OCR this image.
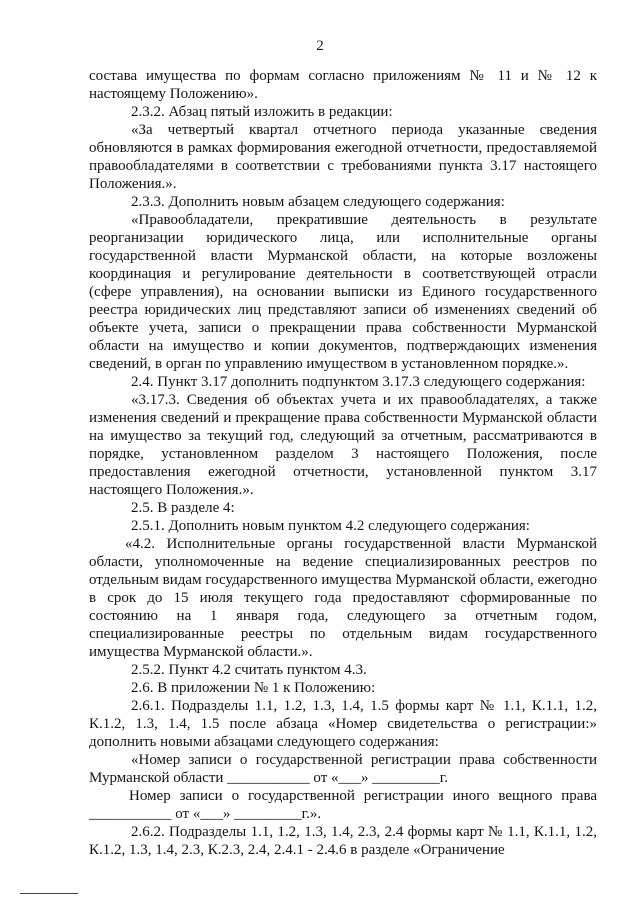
2

состава имущества по формам согласно приложениям № 11 и № 12 к настоящему Положению».

2.3.2. Абзац пятый изложить в редакции:

«За четвертый квартал отчетного периода указанные сведения обновляются в рамках формирования ежегодной отчетности, предоставляемой правообладателями в соответствии с требованиями пункта 3.17 настоящего Положения.».

2.3.3. Дополнить новым абзацем следующего содержания:

«Правообладатели, прекратившие деятельность в результате реорганизации юридического лица, или исполнительные органы государственной власти Мурманской области, на которые возложены координация и регулирование деятельности в соответствующей отрасли (сфере управления), на основании выписки из Единого государственного реестра юридических лиц представляют записи об изменениях сведений об объекте учета, записи о прекращении права собственности Мурманской области на имущество и копии документов, подтверждающих изменения сведений, в орган по управлению имуществом в установленном порядке.».

2.4. Пункт 3.17 дополнить подпунктом 3.17.3 следующего содержания:

«3.17.3. Сведения об объектах учета и их правообладателях, а также изменения сведений и прекращение права собственности Мурманской области на имущество за текущий год, следующий за отчетным, рассматриваются в порядке, установленном разделом 3 настоящего Положения, после предоставления ежегодной отчетности, установленной пунктом 3.17 настоящего Положения.».

2.5. В разделе 4:

2.5.1. Дополнить новым пунктом 4.2 следующего содержания:

«4.2. Исполнительные органы государственной власти Мурманской области, уполномоченные на ведение специализированных реестров по отдельным видам государственного имущества Мурманской области, ежегодно в срок до 15 июля текущего года предоставляют сформированные по состоянию на 1 января года, следующего за отчетным годом, специализированные реестры по отдельным видам государственного имущества Мурманской области.».

2.5.2. Пункт 4.2 считать пунктом 4.3.

2.6. В приложении № 1 к Положению:

2.6.1. Подразделы 1.1, 1.2, 1.3, 1.4, 1.5 формы карт № 1.1, К.1.1, 1.2, К.1.2, 1.3, 1.4, 1.5 после абзаца «Номер свидетельства о регистрации:» дополнить новыми абзацами следующего содержания:

«Номер записи о государственной регистрации права собственности Мурманской области ___________ от «___» _________г.

Номер записи о государственной регистрации иного вещного права ___________ от «___» _________г.».

2.6.2. Подразделы 1.1, 1.2, 1.3, 1.4, 2.3, 2.4 формы карт № 1.1, К.1.1, 1.2, К.1.2, 1.3, 1.4, 2.3, К.2.3, 2.4, 2.4.1 - 2.4.6 в разделе «Ограничение
